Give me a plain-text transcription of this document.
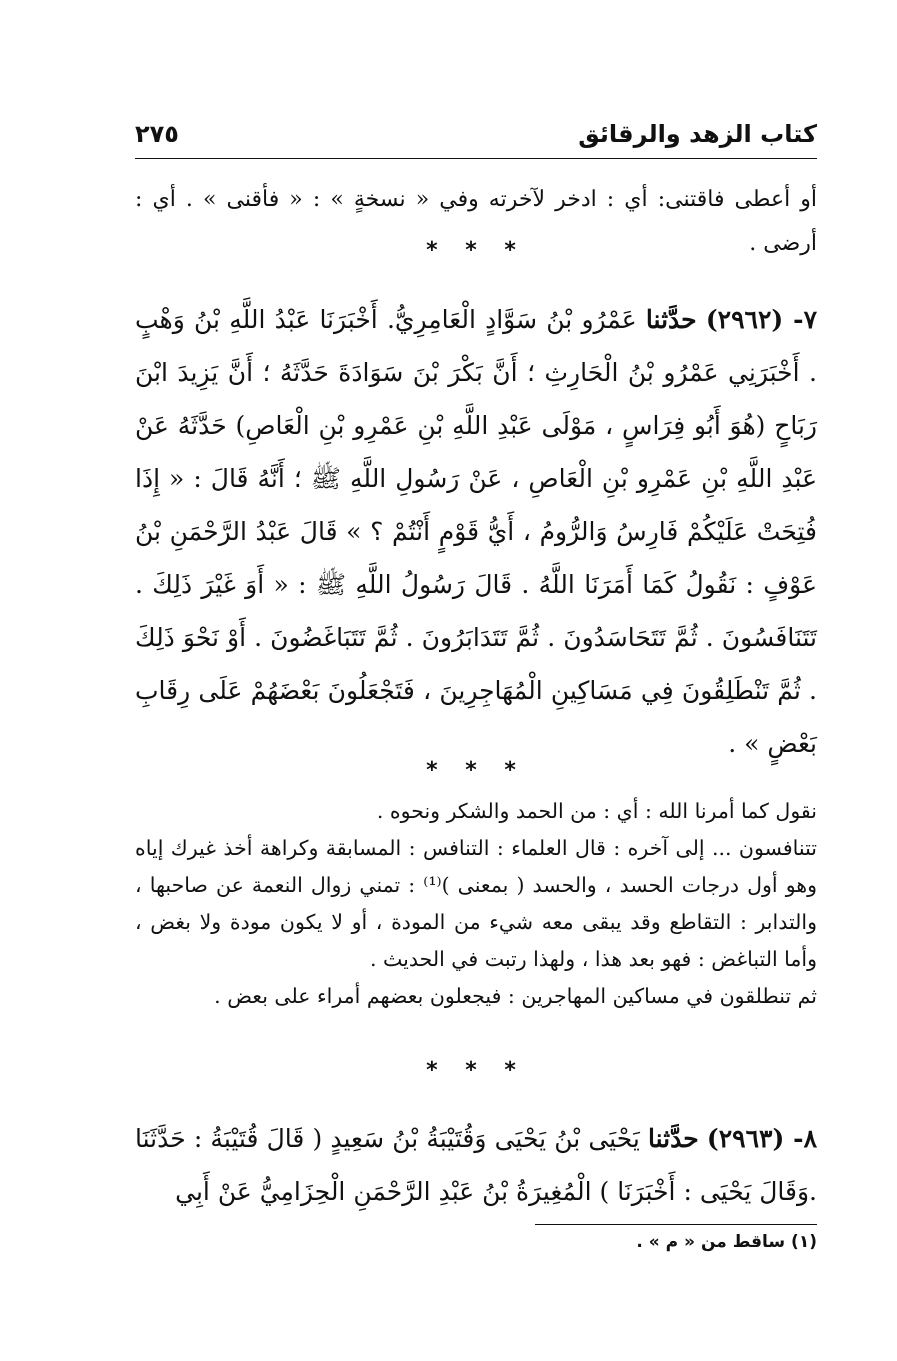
كتاب الزهد والرقائق
٢٧٥
أو أعطى فاقتنى: أي : ادخر لآخرته وفي « نسخةٍ » : « فأقنى » . أي : أرضى .
* * *
٧- (٢٩٦٢) حدَّثنا عَمْرُو بْنُ سَوَّادٍ الْعَامِرِيُّ. أَخْبَرَنَا عَبْدُ اللَّهِ بْنُ وَهْبٍ . أَخْبَرَنِي عَمْرُو بْنُ الْحَارِثِ ؛ أَنَّ بَكْرَ بْنَ سَوَادَةَ حَدَّثَهُ ؛ أَنَّ يَزِيدَ ابْنَ رَبَاحٍ (هُوَ أَبُو فِرَاسٍ ، مَوْلَى عَبْدِ اللَّهِ بْنِ عَمْرِو بْنِ الْعَاصِ) حَدَّثَهُ عَنْ عَبْدِ اللَّهِ بْنِ عَمْرِو بْنِ الْعَاصِ ، عَنْ رَسُولِ اللَّهِ ﷺ ؛ أَنَّهُ قَالَ : « إِذَا فُتِحَتْ عَلَيْكُمْ فَارِسُ وَالرُّومُ ، أَيُّ قَوْمٍ أَنْتُمْ ؟ » قَالَ عَبْدُ الرَّحْمَنِ بْنُ عَوْفٍ : نَقُولُ كَمَا أَمَرَنَا اللَّهُ . قَالَ رَسُولُ اللَّهِ ﷺ : « أَوَ غَيْرَ ذَلِكَ . تَتَنَافَسُونَ . ثُمَّ تَتَحَاسَدُونَ . ثُمَّ تَتَدَابَرُونَ . ثُمَّ تَتَبَاغَضُونَ . أَوْ نَحْوَ ذَلِكَ . ثُمَّ تَنْطَلِقُونَ فِي مَسَاكِينِ الْمُهَاجِرِينَ ، فَتَجْعَلُونَ بَعْضَهُمْ عَلَى رِقَابِ بَعْضٍ » .
* * *

نقول كما أمرنا الله : أي : من الحمد والشكر ونحوه .

تتنافسون ... إلى آخره : قال العلماء : التنافس : المسابقة وكراهة أخذ غيرك إياه وهو أول درجات الحسد ، والحسد ( بمعنى )⁽¹⁾ : تمني زوال النعمة عن صاحبها ، والتدابر : التقاطع وقد يبقى معه شيء من المودة ، أو لا يكون مودة ولا بغض ، وأما التباغض : فهو بعد هذا ، ولهذا رتبت في الحديث .

ثم تنطلقون في مساكين المهاجرين : فيجعلون بعضهم أمراء على بعض .

* * *
٨- (٢٩٦٣) حدَّثنا يَحْيَى بْنُ يَحْيَى وَقُتَيْبَةُ بْنُ سَعِيدٍ ( قَالَ قُتَيْبَةُ : حَدَّثَنَا .وَقَالَ يَحْيَى : أَخْبَرَنَا ) الْمُغِيرَةُ بْنُ عَبْدِ الرَّحْمَنِ الْحِزَامِيُّ عَنْ أَبِي
(١) ساقط من « م » .
